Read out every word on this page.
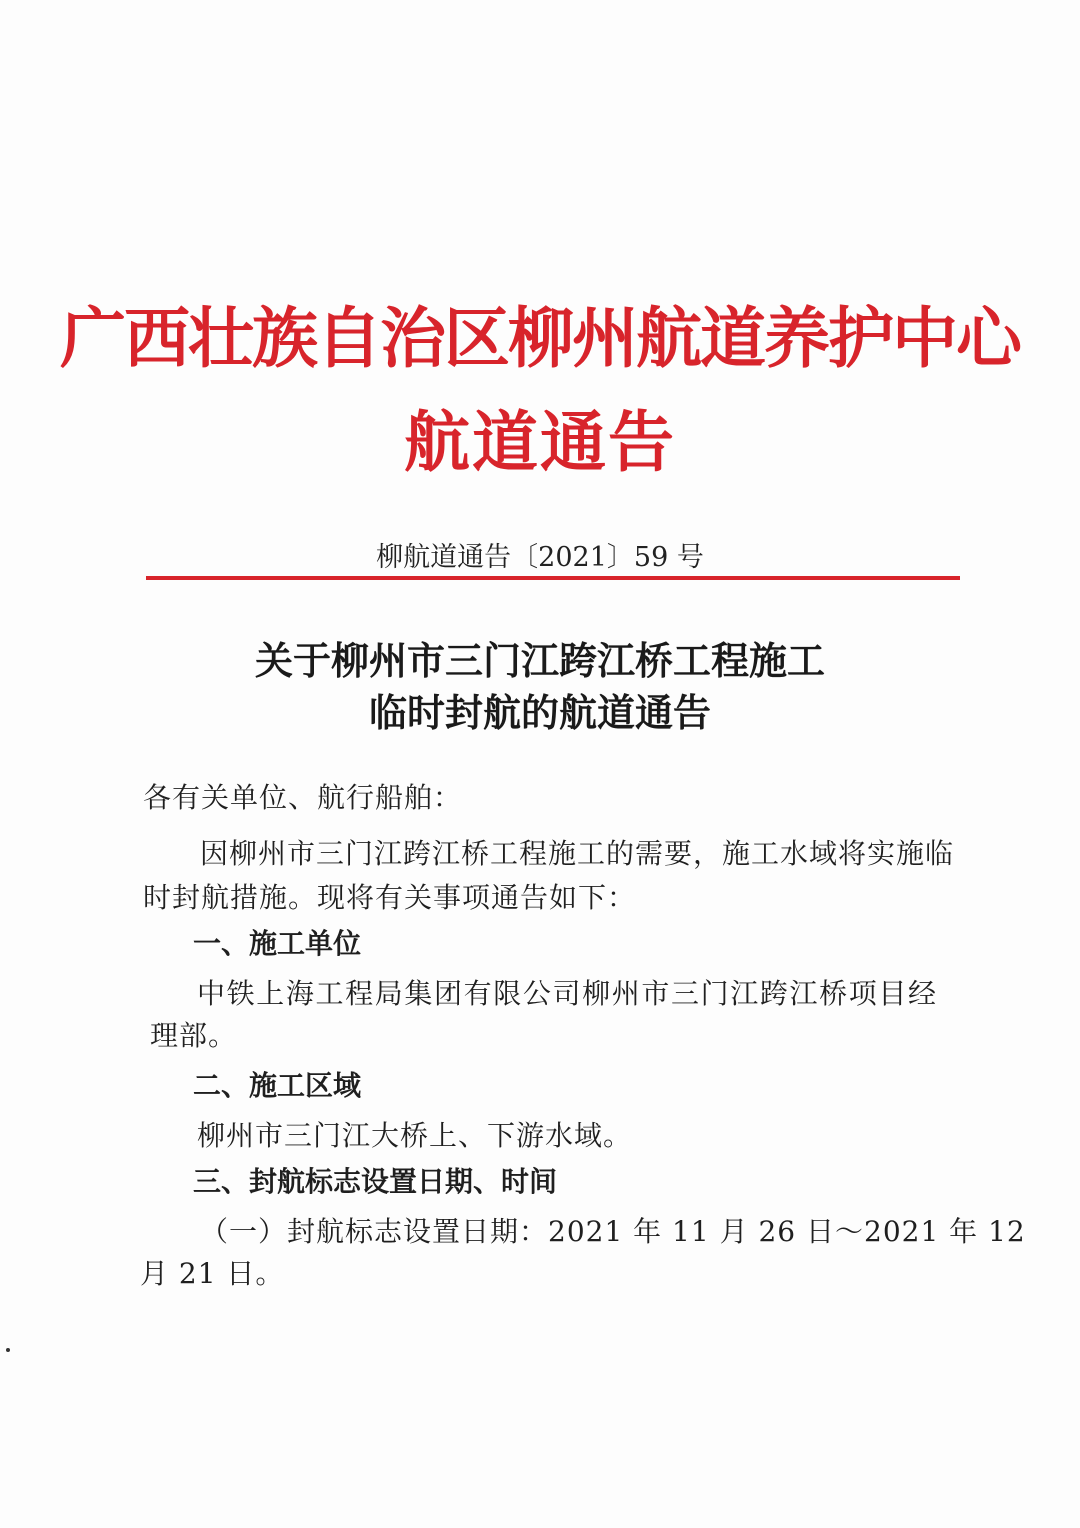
广西壮族自治区柳州航道养护中心
航道通告
柳航道通告〔2021〕59 号
关于柳州市三门江跨江桥工程施工
临时封航的航道通告
各有关单位、航行船舶：
因柳州市三门江跨江桥工程施工的需要，施工水域将实施临
时封航措施。现将有关事项通告如下：
一、施工单位
中铁上海工程局集团有限公司柳州市三门江跨江桥项目经
理部。
二、施工区域
柳州市三门江大桥上、下游水域。
三、封航标志设置日期、时间
（一）封航标志设置日期：2021 年 11 月 26 日～2021 年 12
月 21 日。
